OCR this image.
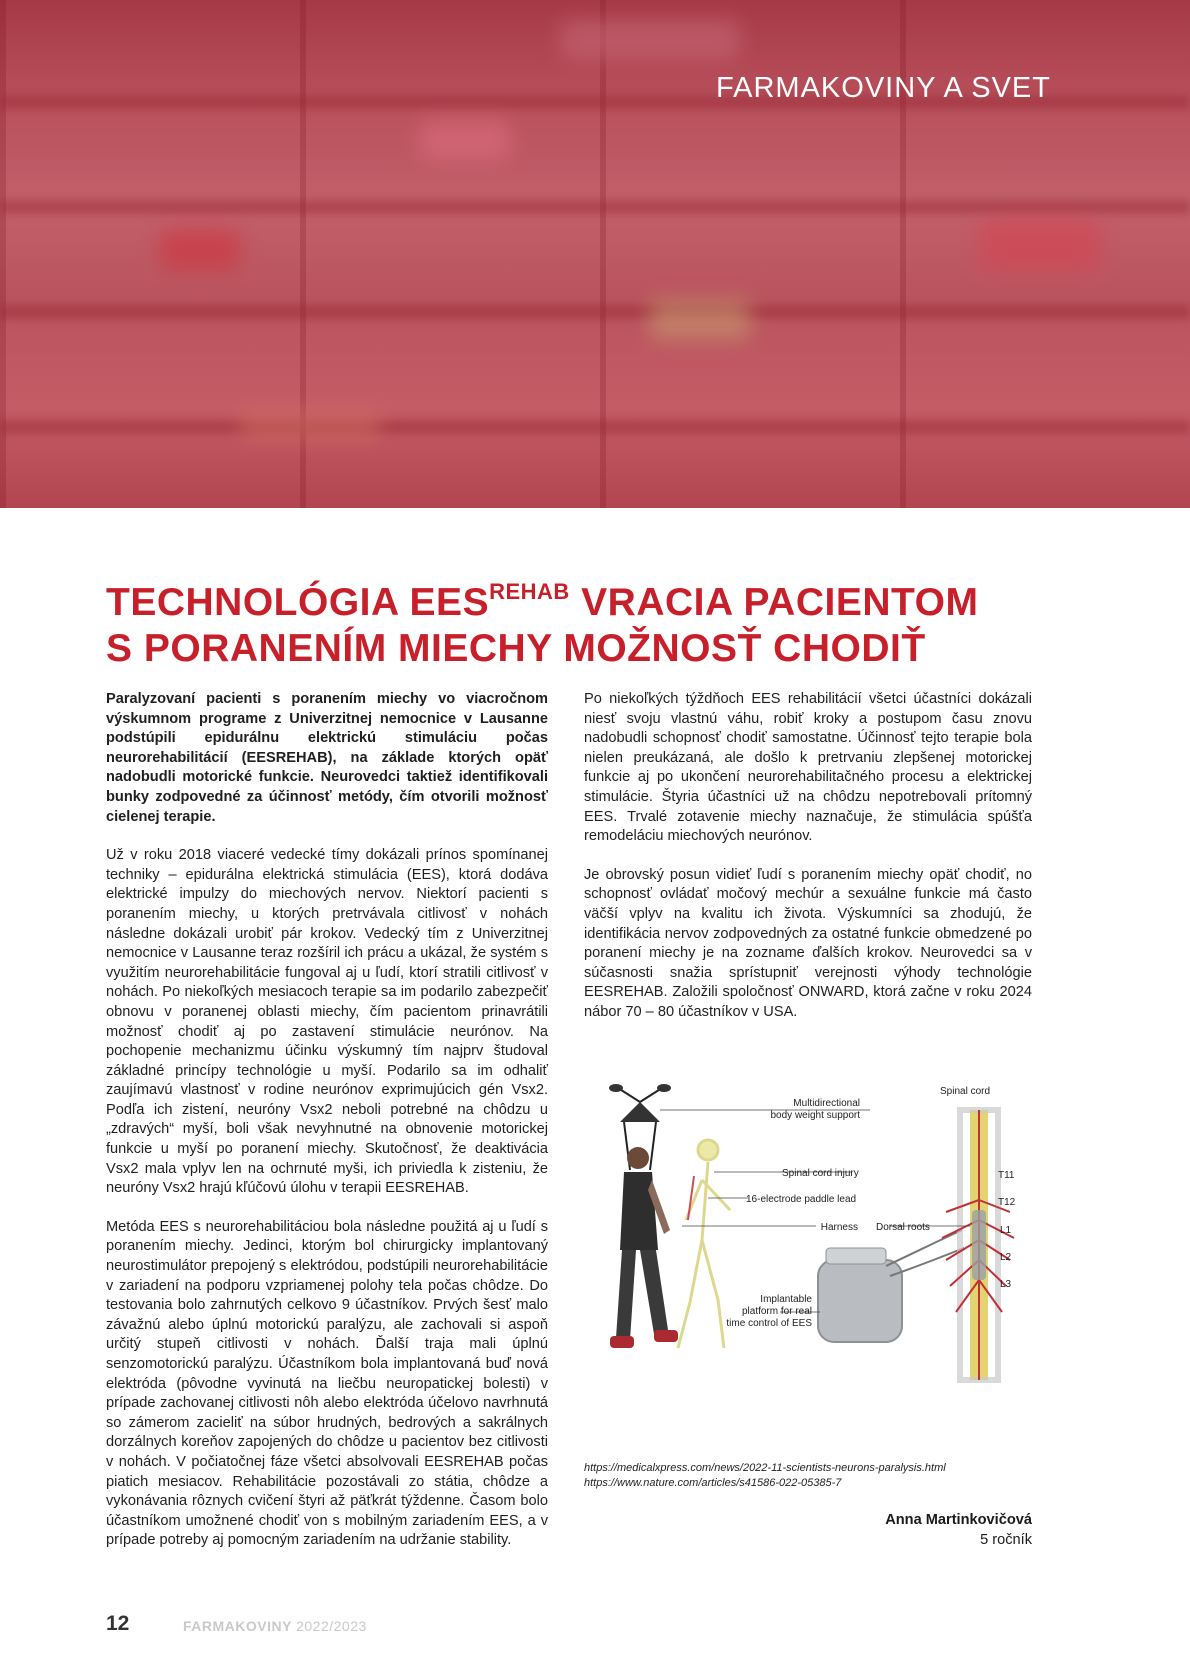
FARMAKOVINY A SVET
TECHNOLÓGIA $EES^{REHAB}$ VRACIA PACIENTOM
S PORANENÍM MIECHY MOŽNOSŤ CHODIŤ

Paralyzovaní pacienti s poranením miechy vo viacročnom výskumnom programe z Univerzitnej nemocnice v Lausanne podstúpili epidurálnu elektrickú stimuláciu počas neurorehabilitácií (EESREHAB), na základe ktorých opäť nadobudli motorické funkcie. Neurovedci taktiež identifikovali bunky zodpovedné za účinnosť metódy, čím otvorili možnosť cielenej terapie.

Už v roku 2018 viaceré vedecké tímy dokázali prínos spomínanej techniky – epidurálna elektrická stimulácia (EES), ktorá dodáva elektrické impulzy do miechových nervov. Niektorí pacienti s poranením miechy, u ktorých pretrvávala citlivosť v nohách následne dokázali urobiť pár krokov. Vedecký tím z Univerzitnej nemocnice v Lausanne teraz rozšíril ich prácu a ukázal, že systém s využitím neurorehabilitácie fungoval aj u ľudí, ktorí stratili citlivosť v nohách. Po niekoľkých mesiacoch terapie sa im podarilo zabezpečiť obnovu v poranenej oblasti miechy, čím pacientom prinavrátili možnosť chodiť aj po zastavení stimulácie neurónov. Na pochopenie mechanizmu účinku výskumný tím najprv študoval základné princípy technológie u myší. Podarilo sa im odhaliť zaujímavú vlastnosť v rodine neurónov exprimujúcich gén Vsx2. Podľa ich zistení, neuróny Vsx2 neboli potrebné na chôdzu u „zdravých“ myší, boli však nevyhnutné na obnovenie motorickej funkcie u myší po poranení miechy. Skutočnosť, že deaktivácia Vsx2 mala vplyv len na ochrnuté myši, ich priviedla k zisteniu, že neuróny Vsx2 hrajú kľúčovú úlohu v terapii EESREHAB.

Metóda EES s neurorehabilitáciou bola následne použitá aj u ľudí s poranením miechy. Jedinci, ktorým bol chirurgicky implantovaný neurostimulátor prepojený s elektródou, podstúpili neurorehabilitácie v zariadení na podporu vzpriamenej polohy tela počas chôdze. Do testovania bolo zahrnutých celkovo 9 účastníkov. Prvých šesť malo závažnú alebo úplnú motorickú paralýzu, ale zachovali si aspoň určitý stupeň citlivosti v nohách. Ďalší traja mali úplnú senzomotorickú paralýzu. Účastníkom bola implantovaná buď nová elektróda (pôvodne vyvinutá na liečbu neuropatickej bolesti) v prípade zachovanej citlivosti nôh alebo elektróda účelovo navrhnutá so zámerom zacieliť na súbor hrudných, bedrových a sakrálnych dorzálnych koreňov zapojených do chôdze u pacientov bez citlivosti v nohách. V počiatočnej fáze všetci absolvovali EESREHAB počas piatich mesiacov. Rehabilitácie pozostávali zo státia, chôdze a vykonávania rôznych cvičení štyri až päťkrát týždenne. Časom bolo účastníkom umožnené chodiť von s mobilným zariadením EES, a v prípade potreby aj pomocným zariadením na udržanie stability.

Po niekoľkých týždňoch EES rehabilitácií všetci účastníci dokázali niesť svoju vlastnú váhu, robiť kroky a postupom času znovu nadobudli schopnosť chodiť samostatne. Účinnosť tejto terapie bola nielen preukázaná, ale došlo k pretrvaniu zlepšenej motorickej funkcie aj po ukončení neurorehabilitačného procesu a elektrickej stimulácie. Štyria účastníci už na chôdzu nepotrebovali prítomný EES. Trvalé zotavenie miechy naznačuje, že stimulácia spúšťa remodeláciu miechových neurónov.

Je obrovský posun vidieť ľudí s poranením miechy opäť chodiť, no schopnosť ovládať močový mechúr a sexuálne funkcie má často väčší vplyv na kvalitu ich života. Výskumníci sa zhodujú, že identifikácia nervov zodpovedných za ostatné funkcie obmedzené po poranení miechy je na zozname ďalších krokov. Neurovedci sa v súčasnosti snažia sprístupniť verejnosti výhody technológie EESREHAB. Založili spoločnosť ONWARD, ktorá začne v roku 2024 nábor 70 – 80 účastníkov v USA.

Multidirectional
body weight support
Spinal cord
Spinal cord injury
16-electrode paddle lead
Harness Dorsal roots
Implantable
platform for real
time control of EES
T11
T12
L1
L2
L3
https://medicalxpress.com/news/2022-11-scientists-neurons-paralysis.html
https://www.nature.com/articles/s41586-022-05385-7
Anna Martinkovičová
5 ročník
12	FARMAKOVINY 2022/2023
